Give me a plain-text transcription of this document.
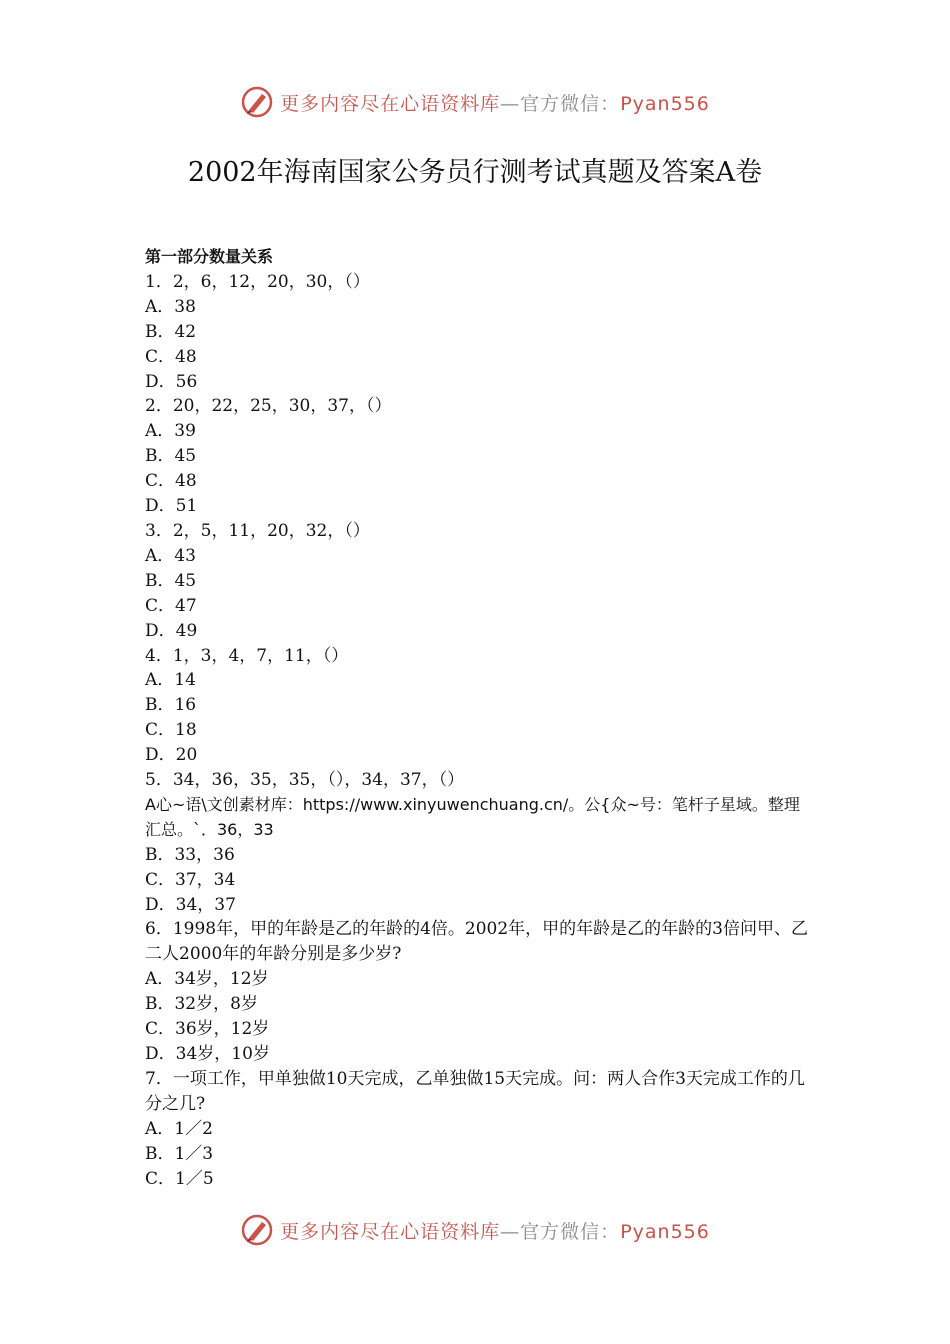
更多内容尽在心语资料库—官方微信：Pyan556
2002年海南国家公务员行测考试真题及答案A卷
第一部分数量关系
1．2，6，12，20，30，（）
A．38
B．42
C．48
D．56
2．20，22，25，30，37，（）
A．39
B．45
C．48
D．51
3．2，5，11，20，32，（）
A．43
B．45
C．47
D．49
4．1，3，4，7，11，（）
A．14
B．16
C．18
D．20
5．34，36，35，35，（），34，37，（）
A心~语\文创素材库：https://www.xinyuwenchuang.cn/。公{众~号：笔杆子星域。整理汇总。`．36，33
B．33，36
C．37，34
D．34，37
6．1998年，甲的年龄是乙的年龄的4倍。2002年，甲的年龄是乙的年龄的3倍问甲、乙二人2000年的年龄分别是多少岁?
A．34岁，12岁
B．32岁，8岁
C．36岁，12岁
D．34岁，10岁
7．一项工作，甲单独做10天完成，乙单独做15天完成。问：两人合作3天完成工作的几分之几?
A．1／2
B．1／3
C．1／5
更多内容尽在心语资料库—官方微信：Pyan556
